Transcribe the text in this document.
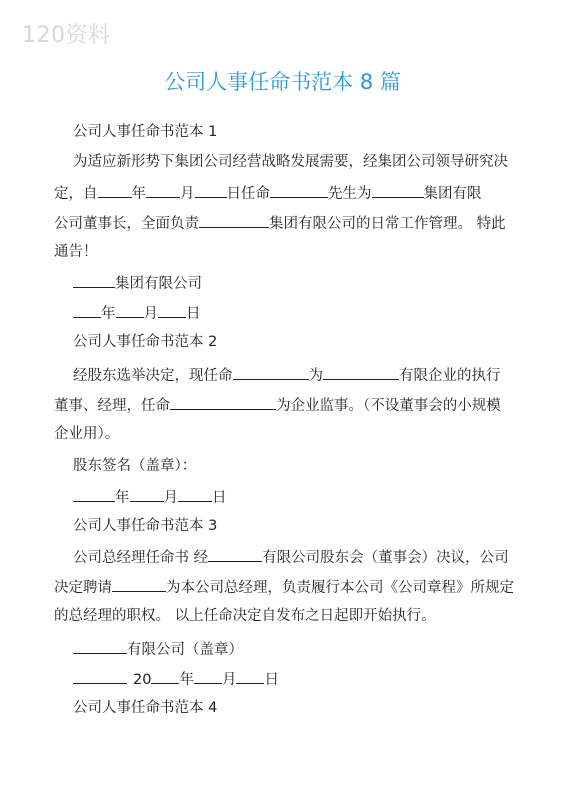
120资料
公司人事任命书范本 8 篇
公司人事任命书范本 1
为适应新形势下集团公司经营战略发展需要，经集团公司领导研究决
定，自 年 月 日任命	先生为	集团有限
公司董事长，全面负责	集团有限公司的日常工作管理。 特此
通告！
集团有限公司
年 月 日
公司人事任命书范本 2
经股东选举决定，现任命	为	有限企业的执行
董事、经理，任命	为企业监事。（不设董事会的小规模
企业用）。
股东签名（盖章）：
年 月 日
公司人事任命书范本 3
公司总经理任命书 经	有限公司股东会（董事会）决议，公司
决定聘请	为本公司总经理，负责履行本公司《公司章程》所规定
的总经理的职权。 以上任命决定自发布之日起即开始执行。
有限公司（盖章）
20 年 月 日
公司人事任命书范本 4
